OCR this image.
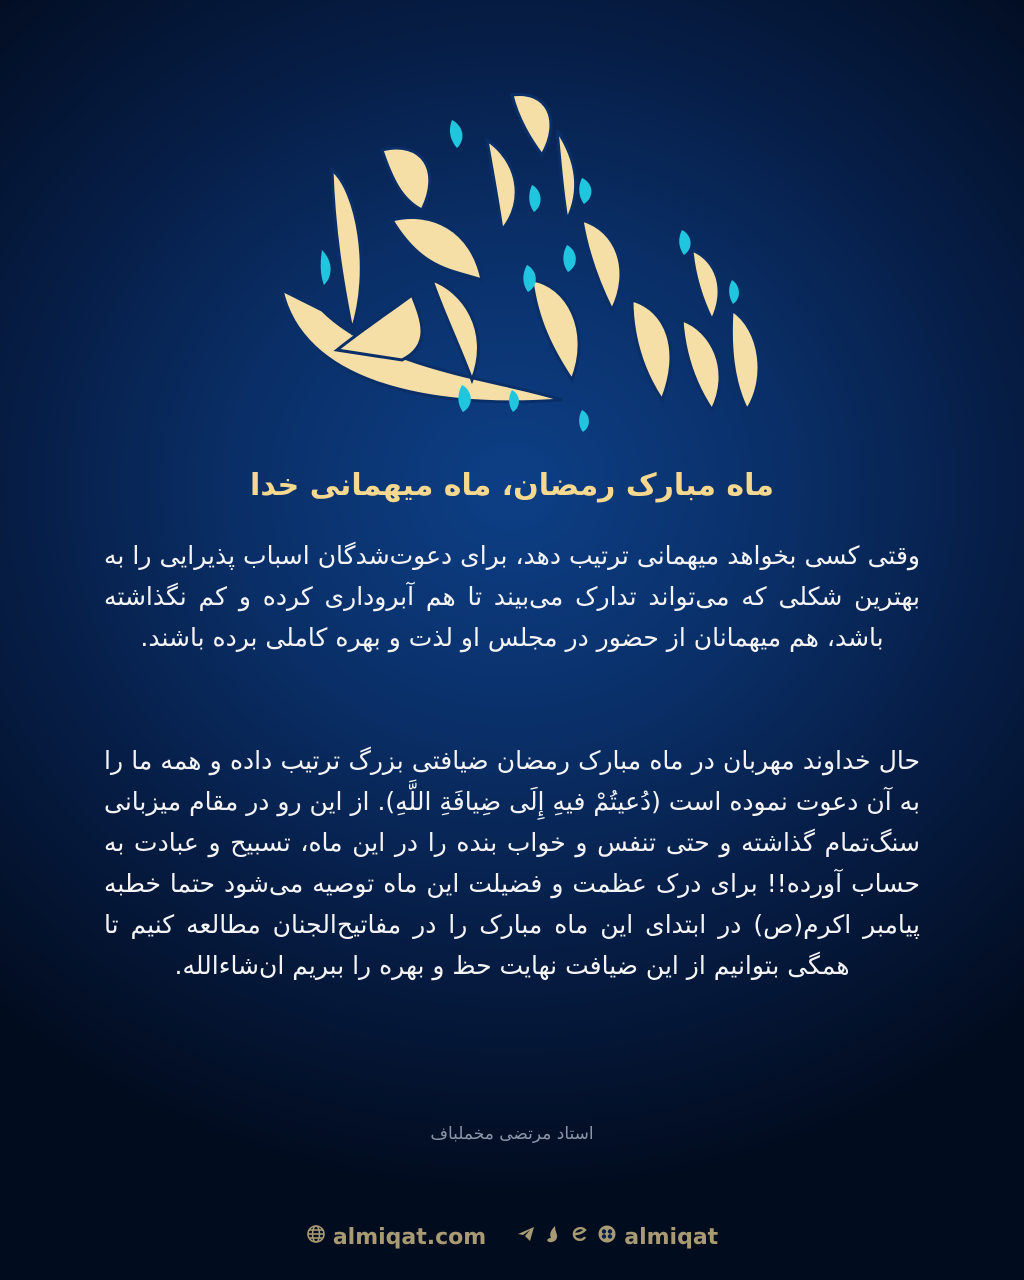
ماه مبارک رمضان، ماه میهمانی خدا

وقتی کسی بخواهد میهمانی ترتیب دهد، برای دعوت‌شدگان اسباب پذیرایی را به بهترین شکلی که می‌تواند تدارک می‌بیند تا هم آبروداری کرده و کم نگذاشته باشد، هم میهمانان از حضور در مجلس او لذت و بهره کاملی برده باشند.

حال خداوند مهربان در ماه مبارک رمضان ضیافتی بزرگ ترتیب داده و همه ما را به آن دعوت نموده است (دُعیتُمْ فیهِ إِلَی ضِیافَةِ اللَّهِ). از این رو در مقام میزبانی سنگ‌تمام گذاشته و حتی تنفس و خواب بنده را در این ماه، تسبیح و عبادت به حساب آورده!! برای درک عظمت و فضیلت این ماه توصیه می‌شود حتما خطبه پیامبر اکرم(ص) در ابتدای این ماه مبارک را در مفاتیح‌الجنان مطالعه کنیم تا همگی بتوانیم از این ضیافت نهایت حظ و بهره را ببریم ان‌شاءالله.

استاد مرتضی مخملباف
almiqat.com	almiqat
